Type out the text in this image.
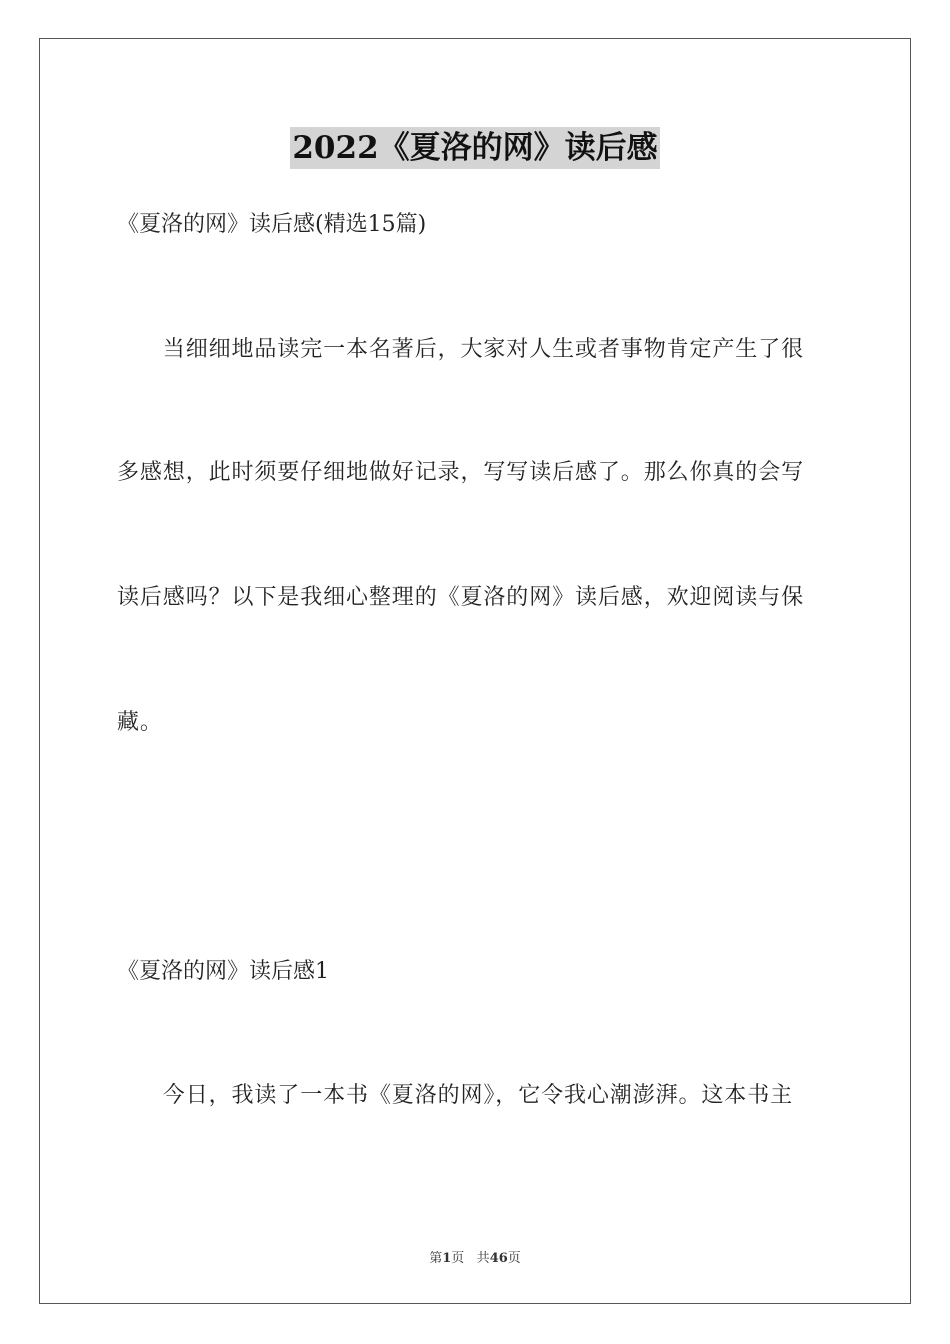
2022《夏洛的网》读后感
《夏洛的网》读后感(精选15篇)
　　当细细地品读完一本名著后，大家对人生或者事物肯定产生了很
多感想，此时须要仔细地做好记录，写写读后感了。那么你真的会写
读后感吗？以下是我细心整理的《夏洛的网》读后感，欢迎阅读与保
藏。
《夏洛的网》读后感1
　　今日，我读了一本书《夏洛的网》，它令我心潮澎湃。这本书主
第1页 共46页
